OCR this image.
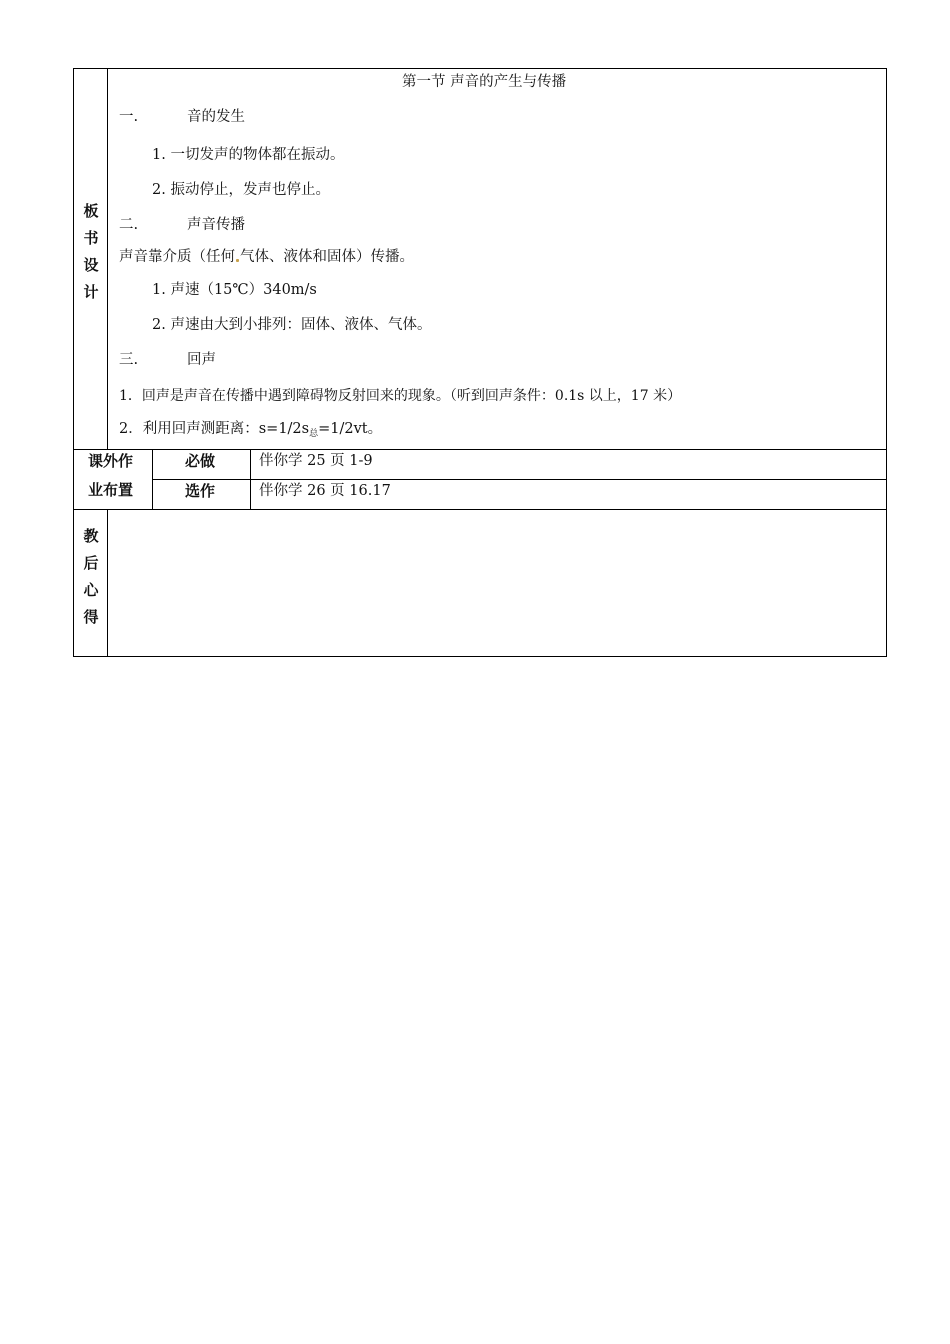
板
书
设
计
第一节 声音的产生与传播
一.	音的发生
1. 一切发声的物体都在振动。
2. 振动停止，发声也停止。
二.	声音传播
声音靠介质（任何 气体、液体和固体）传播。
1. 声速（15℃）340m/s
2. 声速由大到小排列：固体、液体、气体。
三.	回声
1．回声是声音在传播中遇到障碍物反射回来的现象。（听到回声条件：0.1s 以上，17 米）
2．利用回声测距离：$s=1/2s_总=1/2vt$。
课外作
业布置
必做	伴你学 25 页 1-9
选作	伴你学 26 页 16.17
教
后
心
得
